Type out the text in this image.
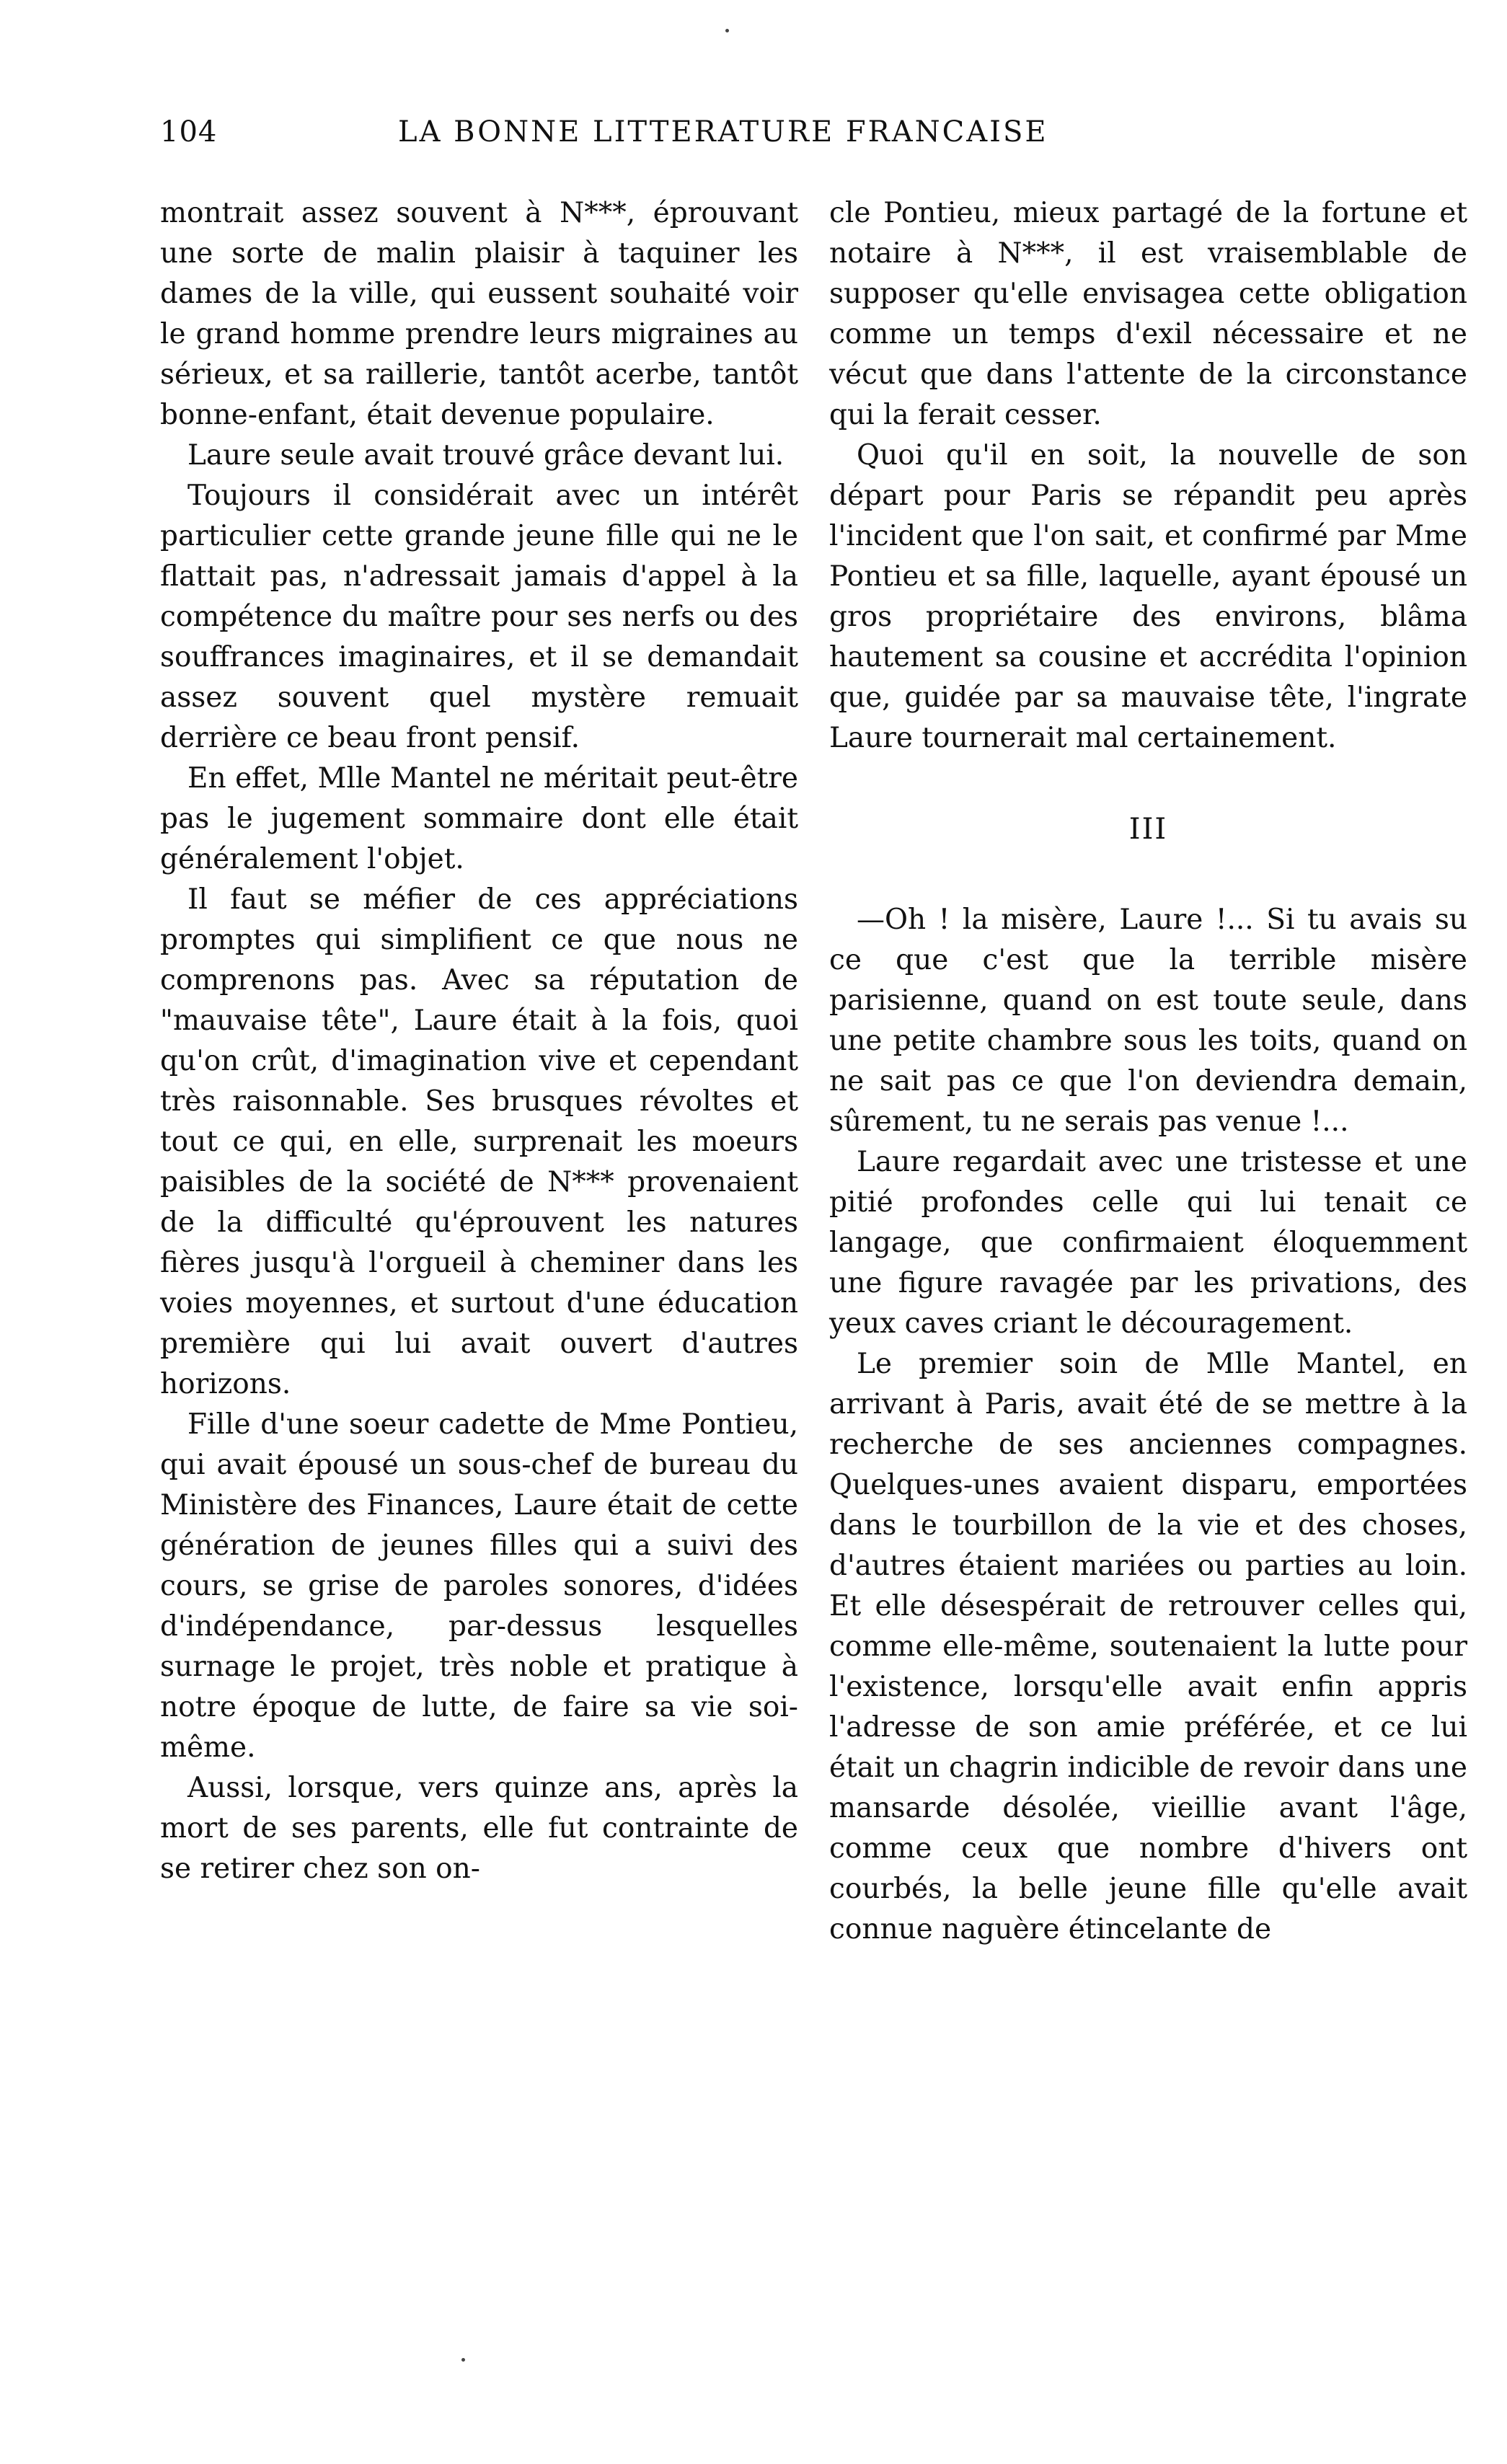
104	LA BONNE LITTERATURE FRANCAISE

montrait assez souvent à N***, éprouvant une sorte de malin plaisir à taquiner les dames de la ville, qui eussent souhaité voir le grand homme prendre leurs migraines au sérieux, et sa raillerie, tantôt acerbe, tantôt bonne-enfant, était devenue populaire.

Laure seule avait trouvé grâce devant lui.

Toujours il considérait avec un intérêt particulier cette grande jeune fille qui ne le flattait pas, n'adressait jamais d'appel à la compétence du maître pour ses nerfs ou des souffrances imaginaires, et il se demandait assez souvent quel mystère remuait derrière ce beau front pensif.

En effet, Mlle Mantel ne méritait peut-être pas le jugement sommaire dont elle était généralement l'objet.

Il faut se méfier de ces appréciations promptes qui simplifient ce que nous ne comprenons pas. Avec sa réputation de "mauvaise tête", Laure était à la fois, quoi qu'on crût, d'imagination vive et cependant très raisonnable. Ses brusques révoltes et tout ce qui, en elle, surprenait les moeurs paisibles de la société de N*** provenaient de la difficulté qu'éprouvent les natures fières jusqu'à l'orgueil à cheminer dans les voies moyennes, et surtout d'une éducation première qui lui avait ouvert d'autres horizons.

Fille d'une soeur cadette de Mme Pontieu, qui avait épousé un sous-chef de bureau du Ministère des Finances, Laure était de cette génération de jeunes filles qui a suivi des cours, se grise de paroles sonores, d'idées d'indépendance, par-dessus lesquelles surnage le projet, très noble et pratique à notre époque de lutte, de faire sa vie soi-même.

Aussi, lorsque, vers quinze ans, après la mort de ses parents, elle fut contrainte de se retirer chez son on-

cle Pontieu, mieux partagé de la fortune et notaire à N***, il est vraisemblable de supposer qu'elle envisagea cette obligation comme un temps d'exil nécessaire et ne vécut que dans l'attente de la circonstance qui la ferait cesser.

Quoi qu'il en soit, la nouvelle de son départ pour Paris se répandit peu après l'incident que l'on sait, et confirmé par Mme Pontieu et sa fille, laquelle, ayant épousé un gros propriétaire des environs, blâma hautement sa cousine et accrédita l'opinion que, guidée par sa mauvaise tête, l'ingrate Laure tournerait mal certainement.

III

—Oh ! la misère, Laure !... Si tu avais su ce que c'est que la terrible misère parisienne, quand on est toute seule, dans une petite chambre sous les toits, quand on ne sait pas ce que l'on deviendra demain, sûrement, tu ne serais pas venue !...

Laure regardait avec une tristesse et une pitié profondes celle qui lui tenait ce langage, que confirmaient éloquemment une figure ravagée par les privations, des yeux caves criant le découragement.

Le premier soin de Mlle Mantel, en arrivant à Paris, avait été de se mettre à la recherche de ses anciennes compagnes. Quelques-unes avaient disparu, emportées dans le tourbillon de la vie et des choses, d'autres étaient mariées ou parties au loin. Et elle désespérait de retrouver celles qui, comme elle-même, soutenaient la lutte pour l'existence, lorsqu'elle avait enfin appris l'adresse de son amie préférée, et ce lui était un chagrin indicible de revoir dans une mansarde désolée, vieillie avant l'âge, comme ceux que nombre d'hivers ont courbés, la belle jeune fille qu'elle avait connue naguère étincelante de
